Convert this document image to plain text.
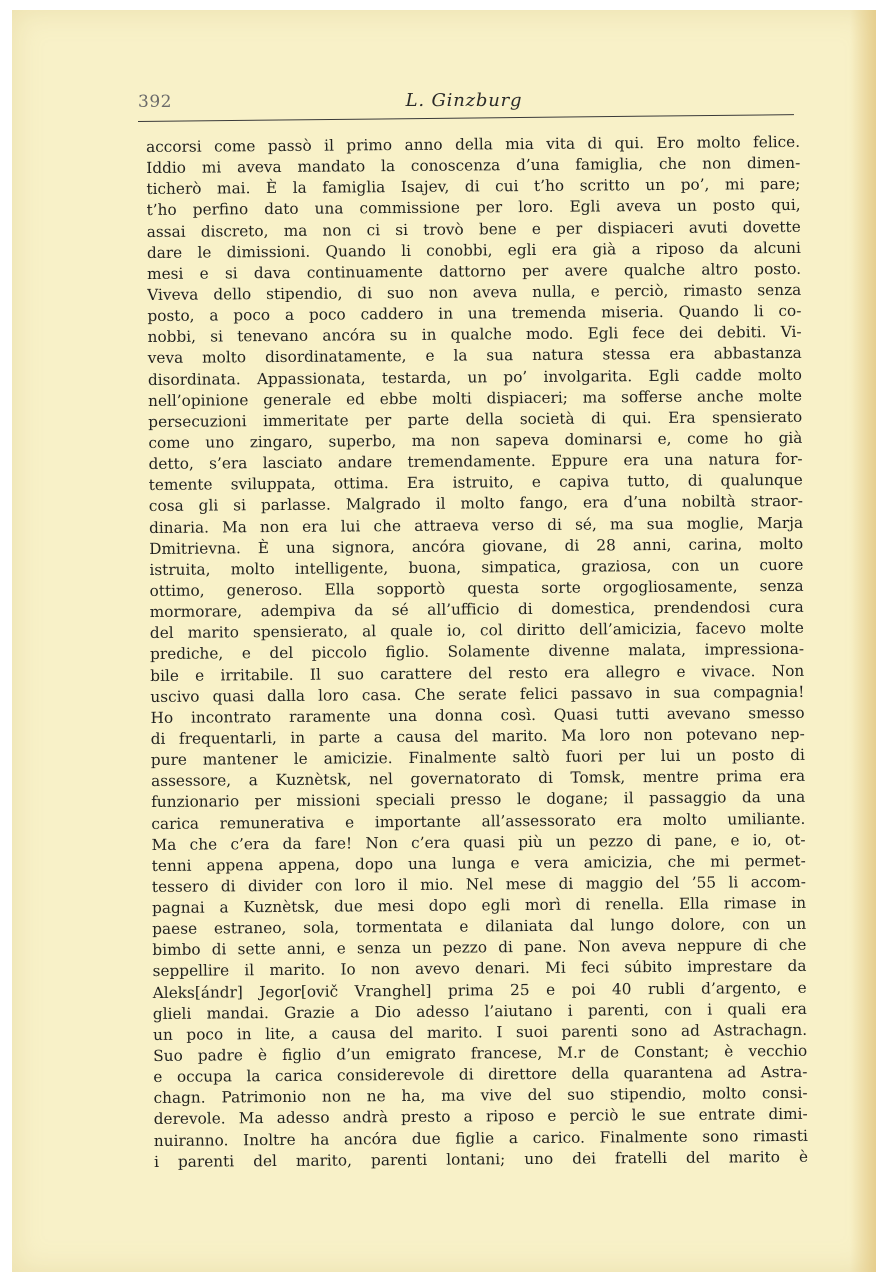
392	L. Ginzburg
accorsi come passò il primo anno della mia vita di qui. Ero molto felice.
Iddio mi aveva mandato la conoscenza d’una famiglia, che non dimen-
ticherò mai. È la famiglia Isajev, di cui t’ho scritto un po’, mi pare;
t’ho perfino dato una commissione per loro. Egli aveva un posto qui,
assai discreto, ma non ci si trovò bene e per dispiaceri avuti dovette
dare le dimissioni. Quando li conobbi, egli era già a riposo da alcuni
mesi e si dava continuamente dattorno per avere qualche altro posto.
Viveva dello stipendio, di suo non aveva nulla, e perciò, rimasto senza
posto, a poco a poco caddero in una tremenda miseria. Quando li co-
nobbi, si tenevano ancóra su in qualche modo. Egli fece dei debiti. Vi-
veva molto disordinatamente, e la sua natura stessa era abbastanza
disordinata. Appassionata, testarda, un po’ involgarita. Egli cadde molto
nell’opinione generale ed ebbe molti dispiaceri; ma sofferse anche molte
persecuzioni immeritate per parte della società di qui. Era spensierato
come uno zingaro, superbo, ma non sapeva dominarsi e, come ho già
detto, s’era lasciato andare tremendamente. Eppure era una natura for-
temente sviluppata, ottima. Era istruito, e capiva tutto, di qualunque
cosa gli si parlasse. Malgrado il molto fango, era d’una nobiltà straor-
dinaria. Ma non era lui che attraeva verso di sé, ma sua moglie, Marja
Dmitrievna. È una signora, ancóra giovane, di 28 anni, carina, molto
istruita, molto intelligente, buona, simpatica, graziosa, con un cuore
ottimo, generoso. Ella sopportò questa sorte orgogliosamente, senza
mormorare, adempiva da sé all’ufficio di domestica, prendendosi cura
del marito spensierato, al quale io, col diritto dell’amicizia, facevo molte
prediche, e del piccolo figlio. Solamente divenne malata, impressiona-
bile e irritabile. Il suo carattere del resto era allegro e vivace. Non
uscivo quasi dalla loro casa. Che serate felici passavo in sua compagnia!
Ho incontrato raramente una donna così. Quasi tutti avevano smesso
di frequentarli, in parte a causa del marito. Ma loro non potevano nep-
pure mantener le amicizie. Finalmente saltò fuori per lui un posto di
assessore, a Kuznètsk, nel governatorato di Tomsk, mentre prima era
funzionario per missioni speciali presso le dogane; il passaggio da una
carica remunerativa e importante all’assessorato era molto umiliante.
Ma che c’era da fare! Non c’era quasi più un pezzo di pane, e io, ot-
tenni appena appena, dopo una lunga e vera amicizia, che mi permet-
tessero di divider con loro il mio. Nel mese di maggio del ’55 li accom-
pagnai a Kuznètsk, due mesi dopo egli morì di renella. Ella rimase in
paese estraneo, sola, tormentata e dilaniata dal lungo dolore, con un
bimbo di sette anni, e senza un pezzo di pane. Non aveva neppure di che
seppellire il marito. Io non avevo denari. Mi feci súbito imprestare da
Aleks[ándr] Jegor[ovič Vranghel] prima 25 e poi 40 rubli d’argento, e
glieli mandai. Grazie a Dio adesso l’aiutano i parenti, con i quali era
un poco in lite, a causa del marito. I suoi parenti sono ad Astrachagn.
Suo padre è figlio d’un emigrato francese, M.r de Constant; è vecchio
e occupa la carica considerevole di direttore della quarantena ad Astra-
chagn. Patrimonio non ne ha, ma vive del suo stipendio, molto consi-
derevole. Ma adesso andrà presto a riposo e perciò le sue entrate dimi-
nuiranno. Inoltre ha ancóra due figlie a carico. Finalmente sono rimasti
i parenti del marito, parenti lontani; uno dei fratelli del marito è
